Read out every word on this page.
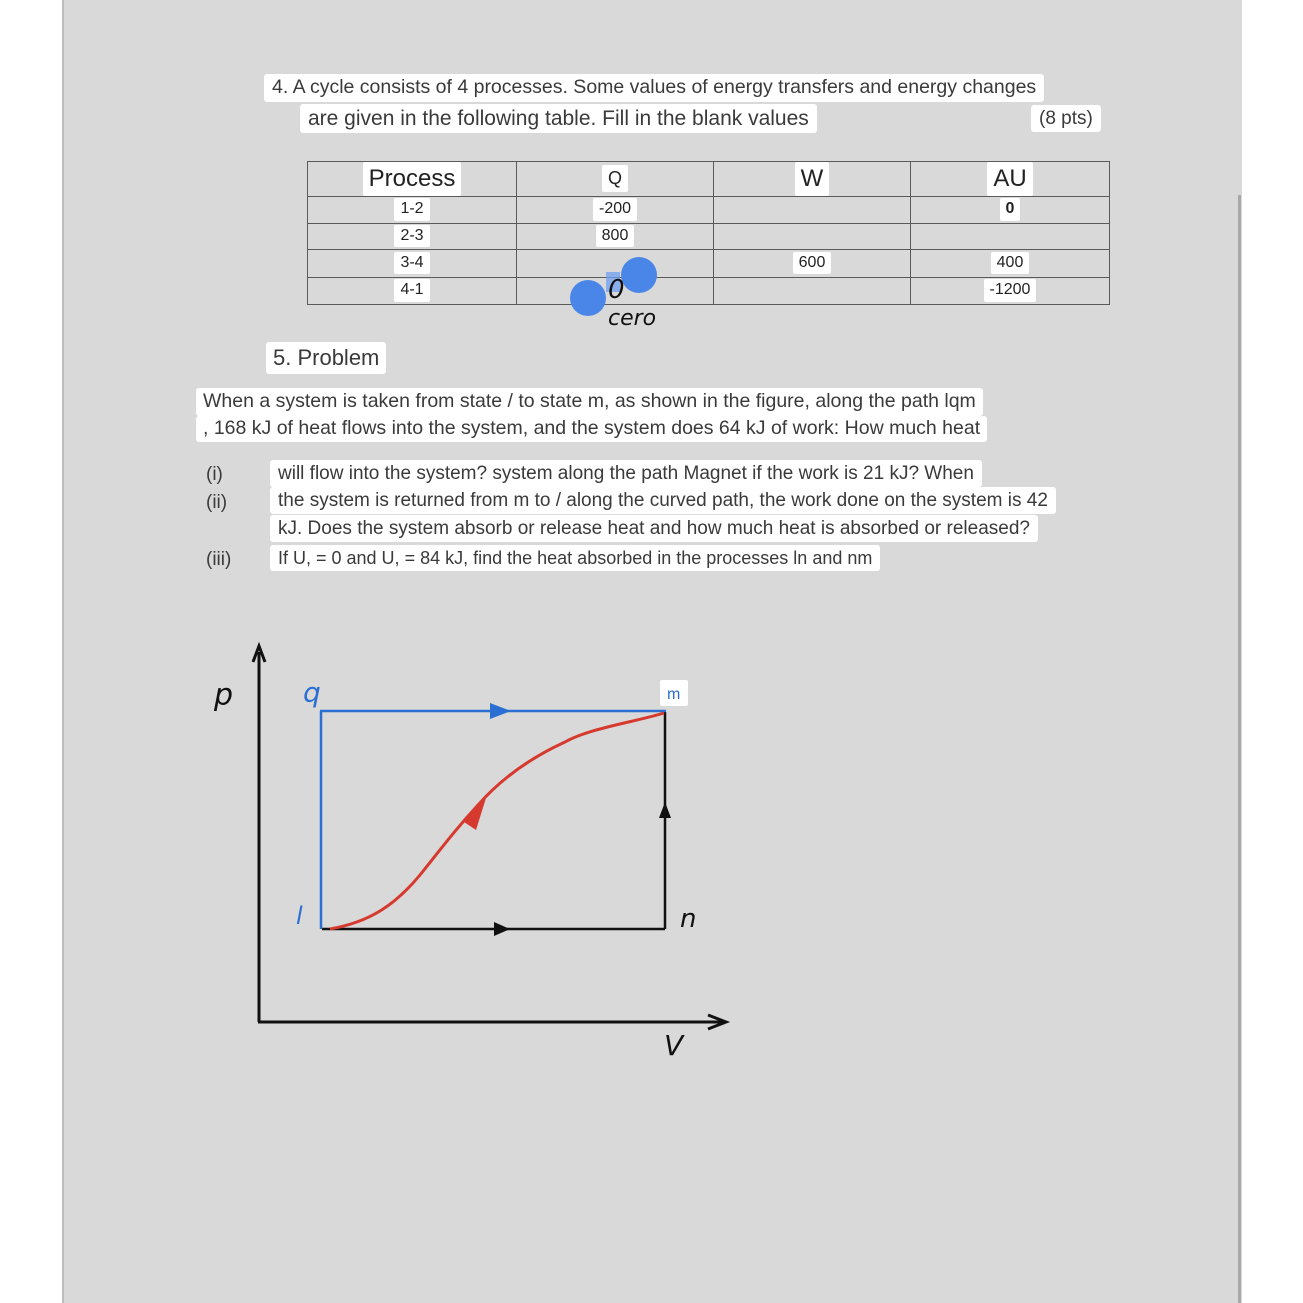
4. A cycle consists of 4 processes. Some values of energy transfers and energy changes
are given in the following table. Fill in the blank values	(8 pts)
Process	Q	W	AU
1-2	-200		0
2-3	800		
3-4		600	400
4-1			-1200
5. Problem
When a system is taken from state / to state m, as shown in the figure, along the path lqm
, 168 kJ of heat flows into the system, and the system does 64 kJ of work: How much heat
(i)
(ii)
(iii)
will flow into the system? system along the path Magnet if the work is 21 kJ? When
the system is returned from m to / along the curved path, the work done on the system is 42
kJ. Does the system absorb or release heat and how much heat is absorbed or released?
If U, = 0 and U, = 84 kJ, find the heat absorbed in the processes ln and nm
0
cero
p
V
q	m
l	n
